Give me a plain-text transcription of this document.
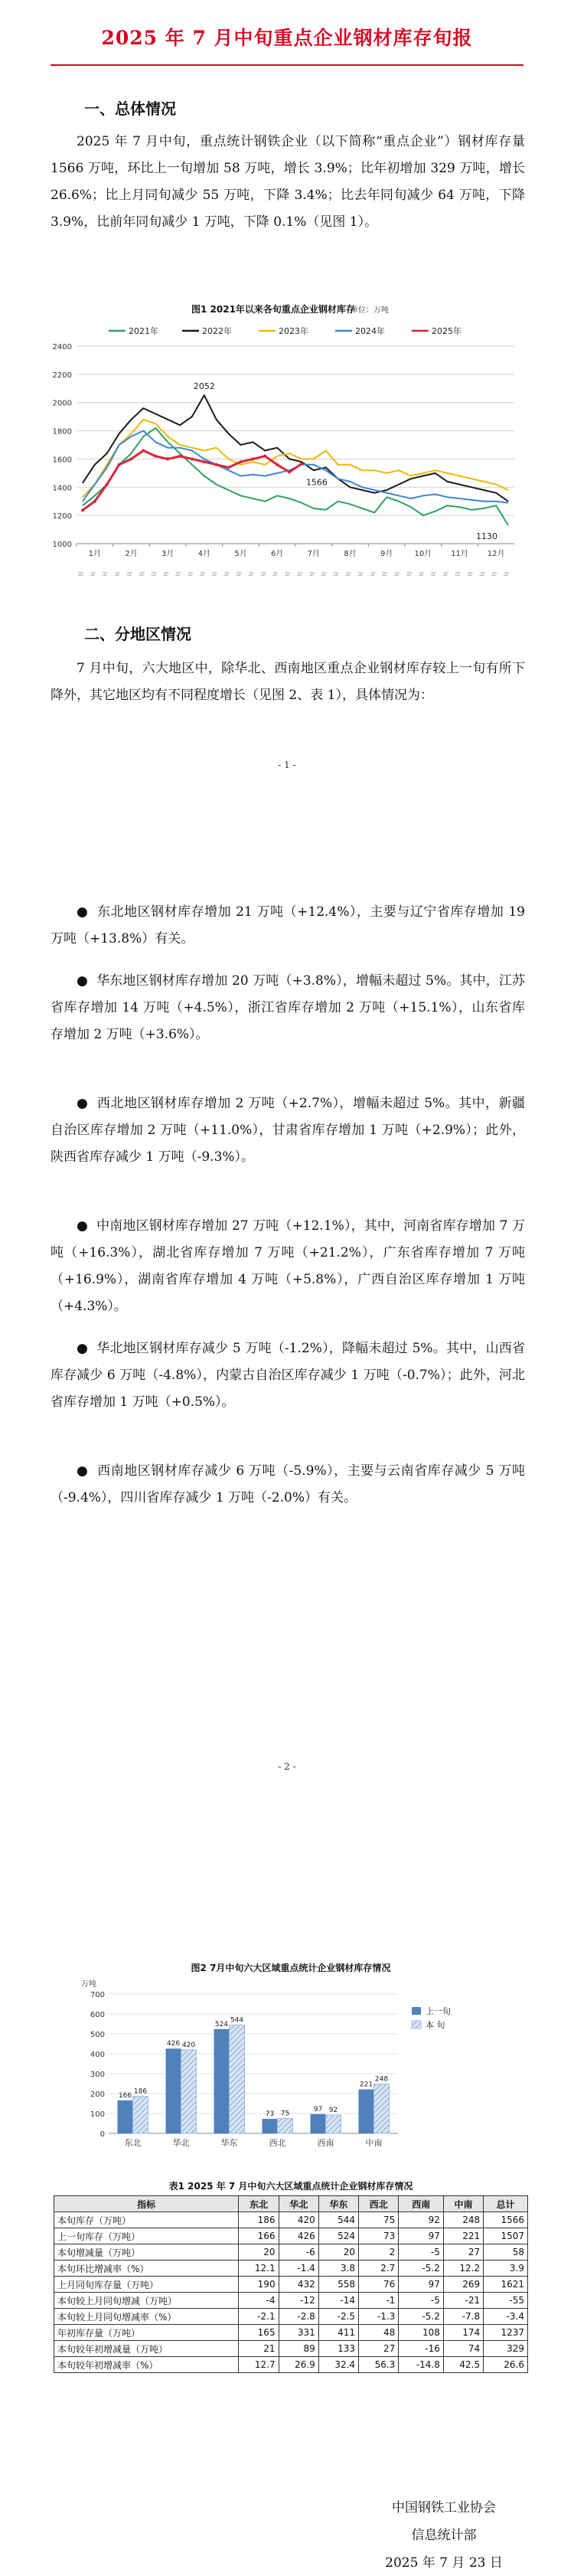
2025 年 7 月中旬重点企业钢材库存旬报
一、总体情况

2025 年 7 月中旬，重点统计钢铁企业（以下简称“重点企业”）钢材库存量 1566 万吨，环比上一旬增加 58 万吨，增长 3.9%；比年初增加 329 万吨，增长 26.6%；比上月同旬减少 55 万吨，下降 3.4%；比去年同旬减少 64 万吨，下降 3.9%，比前年同旬减少 1 万吨，下降 0.1%（见图 1）。

图1 2021年以来各旬重点企业钢材库存
单位：万吨
1000
1200
1400
1600
1800
2000
2200
2400
1月
旬 旬 旬
2月
旬 旬 旬
3月
旬 旬 旬
4月
旬 旬 旬
5月
旬 旬 旬
6月
旬 旬 旬
7月
旬 旬 旬
8月
旬 旬 旬
9月
旬 旬 旬
10月
旬 旬 旬
11月
旬 旬 旬
12月
旬 旬 旬
2021年	2022年	2023年	2024年	2025年
2052
1566
1130
二、分地区情况

7 月中旬，六大地区中，除华北、西南地区重点企业钢材库存较上一旬有所下降外，其它地区均有不同程度增长（见图 2、表 1），具体情况为：

- 1 -

●  东北地区钢材库存增加 21 万吨（+12.4%），主要与辽宁省库存增加 19 万吨（+13.8%）有关。

●  华东地区钢材库存增加 20 万吨（+3.8%），增幅未超过 5%。其中，江苏省库存增加 14 万吨（+4.5%），浙江省库存增加 2 万吨（+15.1%），山东省库存增加 2 万吨（+3.6%）。

●  西北地区钢材库存增加 2 万吨（+2.7%），增幅未超过 5%。其中，新疆自治区库存增加 2 万吨（+11.0%），甘肃省库存增加 1 万吨（+2.9%）；此外，陕西省库存减少 1 万吨（-9.3%）。

●  中南地区钢材库存增加 27 万吨（+12.1%），其中，河南省库存增加 7 万吨（+16.3%），湖北省库存增加 7 万吨（+21.2%），广东省库存增加 7 万吨（+16.9%），湖南省库存增加 4 万吨（+5.8%），广西自治区库存增加 1 万吨（+4.3%）。

●  华北地区钢材库存减少 5 万吨（-1.2%），降幅未超过 5%。其中，山西省库存减少 6 万吨（-4.8%），内蒙古自治区库存减少 1 万吨（-0.7%）；此外，河北省库存增加 1 万吨（+0.5%）。

●  西南地区钢材库存减少 6 万吨（-5.9%），主要与云南省库存减少 5 万吨（-9.4%），四川省库存减少 1 万吨（-2.0%）有关。

- 2 -
图2 7月中旬六大区域重点统计企业钢材库存情况
万吨
0
100
200
300
400
500
600
700
东北
166
186
华北
426 420
华东
524
544
西北
73 75
西南
97 92
中南
221
248
上一旬
本 旬
表1 2025 年 7 月中旬六大区域重点统计企业钢材库存情况
指标	东北	华北	华东	西北	西南	中南	总计
本旬库存（万吨）	186	420	544	75	92	248	1566
上一旬库存（万吨）	166	426	524	73	97	221	1507
本旬增减量（万吨）	20	-6	20	2	-5	27	58
本旬环比增减率（%）	12.1	-1.4	3.8	2.7	-5.2	12.2	3.9
上月同旬库存量（万吨）	190	432	558	76	97	269	1621
本旬较上月同旬增减（万吨）	-4	-12	-14	-1	-5	-21	-55
本旬较上月同旬增减率（%）	-2.1	-2.8	-2.5	-1.3	-5.2	-7.8	-3.4
年初库存量（万吨）	165	331	411	48	108	174	1237
本旬较年初增减量（万吨）	21	89	133	27	-16	74	329
本旬较年初增减率（%）	12.7	26.9	32.4	56.3	-14.8	42.5	26.6
中国钢铁工业协会
信息统计部
2025 年 7 月 23 日
